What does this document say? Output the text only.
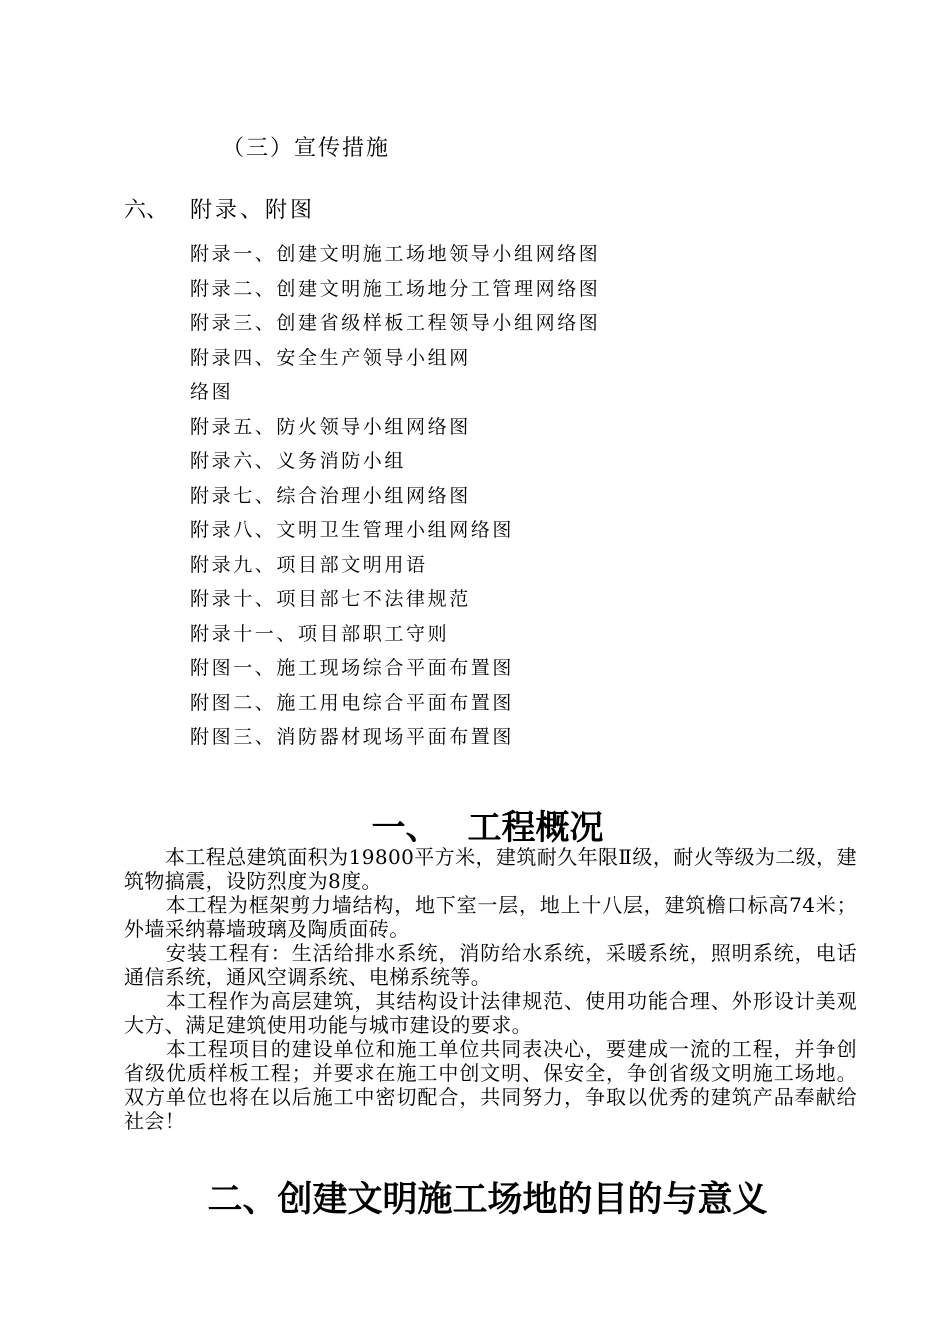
（三）宣传措施
六、 附录、附图
附录一、创建文明施工场地领导小组网络图
附录二、创建文明施工场地分工管理网络图
附录三、创建省级样板工程领导小组网络图
附录四、安全生产领导小组网
络图
附录五、防火领导小组网络图
附录六、义务消防小组
附录七、综合治理小组网络图
附录八、文明卫生管理小组网络图
附录九、项目部文明用语
附录十、项目部七不法律规范
附录十一、项目部职工守则
附图一、施工现场综合平面布置图
附图二、施工用电综合平面布置图
附图三、消防器材现场平面布置图
一、 工程概况

　　本工程总建筑面积为19800平方米，建筑耐久年限Ⅱ级，耐火等级为二级，建筑物搞震，设防烈度为8度。

　　本工程为框架剪力墙结构，地下室一层，地上十八层，建筑檐口标高74米；外墙采纳幕墙玻璃及陶质面砖。

　　安装工程有：生活给排水系统，消防给水系统，采暖系统，照明系统，电话通信系统，通风空调系统、电梯系统等。

　　本工程作为高层建筑，其结构设计法律规范、使用功能合理、外形设计美观大方、满足建筑使用功能与城市建设的要求。

　　本工程项目的建设单位和施工单位共同表决心，要建成一流的工程，并争创省级优质样板工程；并要求在施工中创文明、保安全，争创省级文明施工场地。双方单位也将在以后施工中密切配合，共同努力，争取以优秀的建筑产品奉献给社会！

二、创建文明施工场地的目的与意义
